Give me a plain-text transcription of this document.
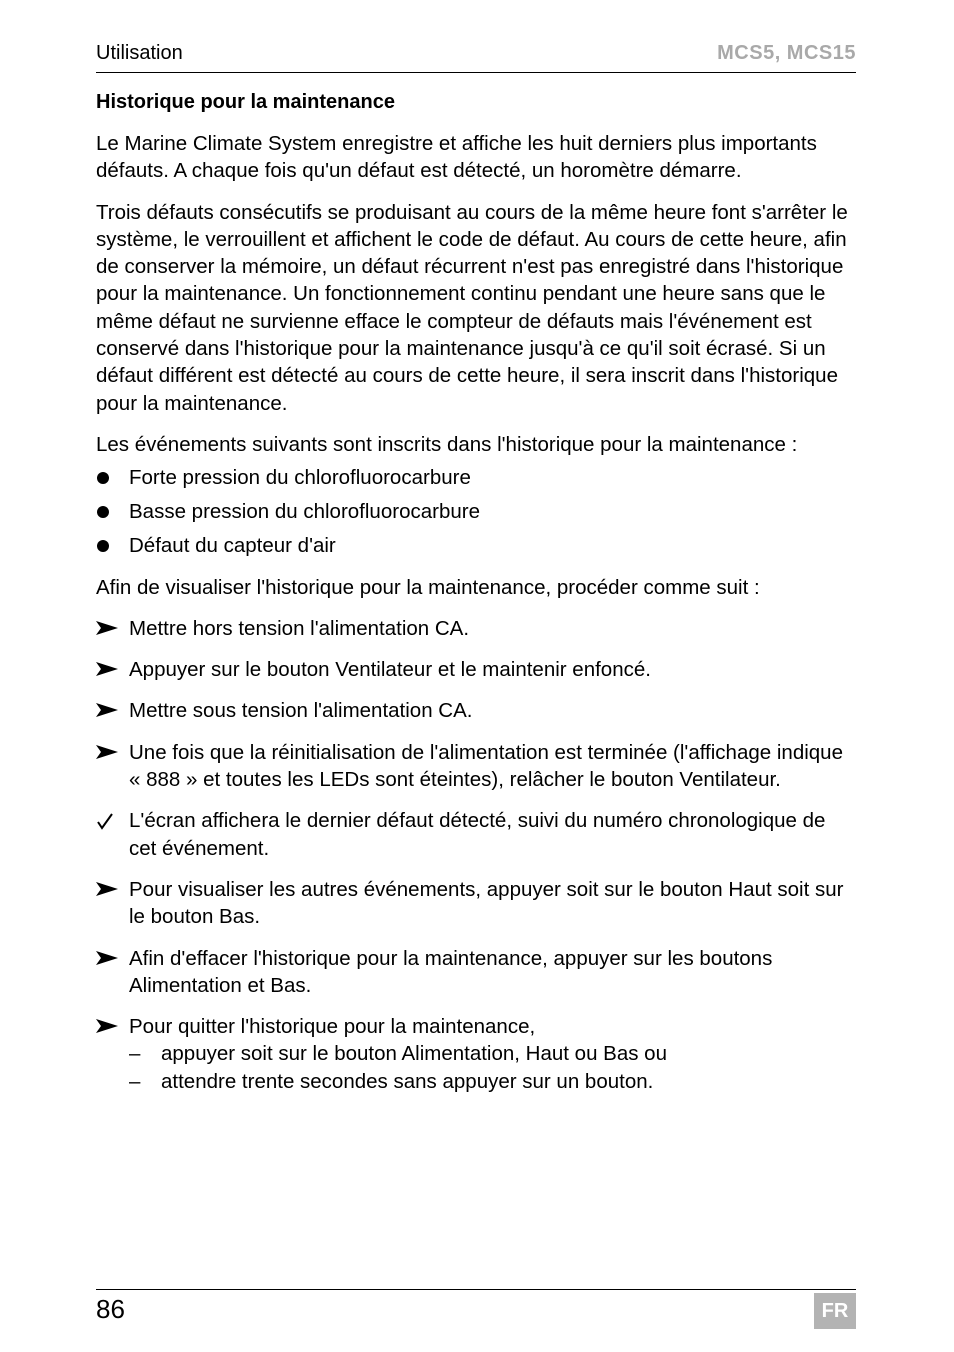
Utilisation	MCS5, MCS15

Historique pour la maintenance

Le Marine Climate System enregistre et affiche les huit derniers plus importants défauts. A chaque fois qu'un défaut est détecté, un horomètre démarre.

Trois défauts consécutifs se produisant au cours de la même heure font s'arrêter le système, le verrouillent et affichent le code de défaut. Au cours de cette heure, afin de conserver la mémoire, un défaut récurrent n'est pas enregistré dans l'historique pour la maintenance. Un fonctionnement continu pendant une heure sans que le même défaut ne survienne efface le compteur de défauts mais l'événement est conservé dans l'historique pour la maintenance jusqu'à ce qu'il soit écrasé. Si un défaut différent est détecté au cours de cette heure, il sera inscrit dans l'historique pour la maintenance.

Les événements suivants sont inscrits dans l'historique pour la maintenance :

Forte pression du chlorofluorocarbure
Basse pression du chlorofluorocarbure
Défaut du capteur d'air

Afin de visualiser l'historique pour la maintenance, procéder comme suit :

Mettre hors tension l'alimentation CA.
Appuyer sur le bouton Ventilateur et le maintenir enfoncé.
Mettre sous tension l'alimentation CA.
Une fois que la réinitialisation de l'alimentation est terminée (l'affichage indique « 888 » et toutes les LEDs sont éteintes), relâcher le bouton Ventilateur.
L'écran affichera le dernier défaut détecté, suivi du numéro chronologique de cet événement.
Pour visualiser les autres événements, appuyer soit sur le bouton Haut soit sur le bouton Bas.
Afin d'effacer l'historique pour la maintenance, appuyer sur les boutons Alimentation et Bas.
Pour quitter l'historique pour la maintenance,
– appuyer soit sur le bouton Alimentation, Haut ou Bas ou
– attendre trente secondes sans appuyer sur un bouton.
86	FR
